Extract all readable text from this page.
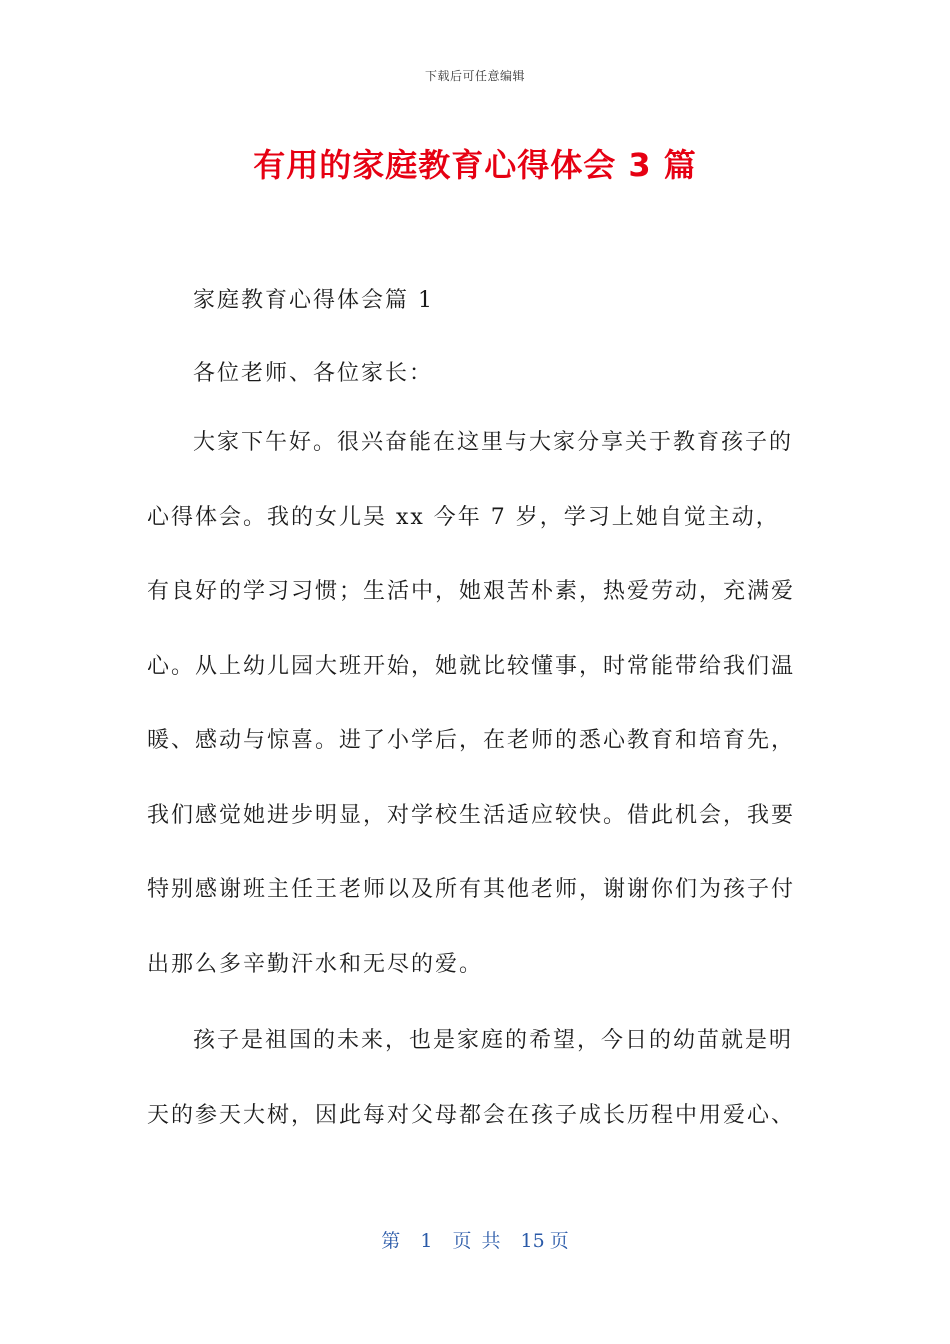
下载后可任意编辑
有用的家庭教育心得体会 3 篇
家庭教育心得体会篇 1
各位老师、各位家长：

大家下午好。很兴奋能在这里与大家分享关于教育孩子的心得体会。我的女儿吴 xx 今年 7 岁，学习上她自觉主动，有良好的学习习惯；生活中，她艰苦朴素，热爱劳动，充满爱心。从上幼儿园大班开始，她就比较懂事，时常能带给我们温暖、感动与惊喜。进了小学后，在老师的悉心教育和培育先，我们感觉她进步明显，对学校生活适应较快。借此机会，我要特别感谢班主任王老师以及所有其他老师，谢谢你们为孩子付出那么多辛勤汗水和无尽的爱。

孩子是祖国的未来，也是家庭的希望，今日的幼苗就是明天的参天大树，因此每对父母都会在孩子成长历程中用爱心、

第 1 页 共 15 页
